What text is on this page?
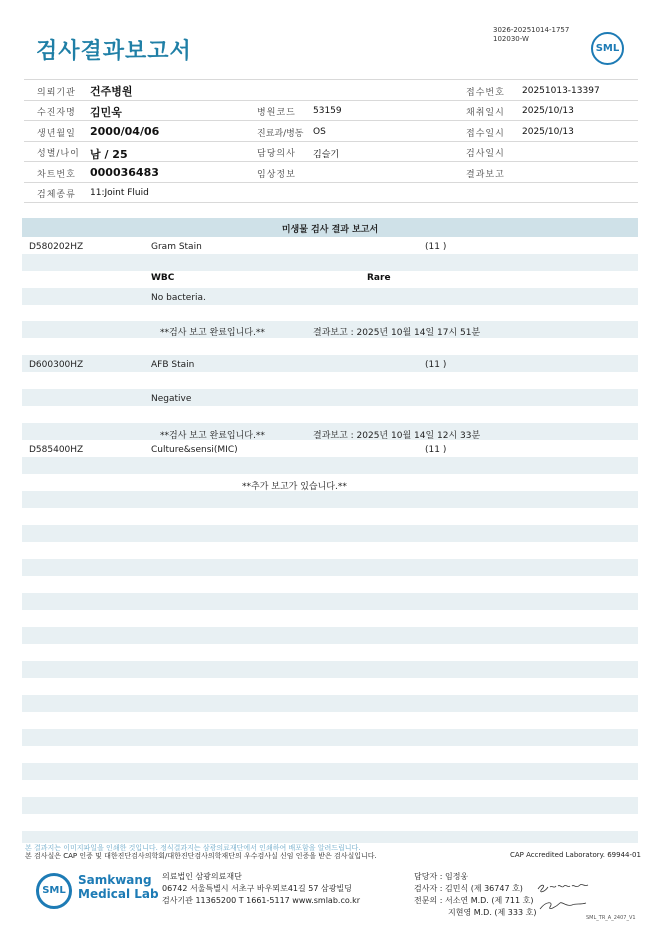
검사결과보고서
3026-20251014-1757
102030-W
SML
의뢰기관 건주병원	접수번호 20251013-13397
수진자명 김민욱	병원코드 53159	채취일시 2025/10/13
생년월일 2000/04/06	진료과/병동 OS	접수일시 2025/10/13
성별/나이 남 / 25	담당의사 김슬기	검사일시
차트번호 000036483	임상정보	결과보고
검체종류 11:Joint Fluid
미생물 검사 결과 보고서
D580202HZ	Gram Stain	(11 )
WBC	Rare
No bacteria.
**검사 보고 완료입니다.**	결과보고 : 2025년 10월 14일 17시 51분
D600300HZ	AFB Stain	(11 )
Negative
**검사 보고 완료입니다.**	결과보고 : 2025년 10월 14일 12시 33분
D585400HZ	Culture&sensi(MIC)	(11 )
**추가 보고가 있습니다.**
본 결과지는 이미지파일을 인쇄한 것입니다. 정식결과지는 삼광의료재단에서 인쇄하여 배포함을 알려드립니다.
본 검사실은 CAP 인증 및 대한진단검사의학회/대한진단검사의학재단의 우수검사실 신임 인증을 받은 검사실입니다.	CAP Accredited Laboratory. 69944-01
SML
Samkwang
Medical Lab
의료법인 삼광의료재단
06742 서울특별시 서초구 바우뫼로41길 57 삼광빌딩
검사기관 11365200 T 1661-5117 www.smlab.co.kr
담당자 : 임정웅
검사자 : 김민식 (제 36747 호)
전문의 : 서소연 M.D. (제 711 호)
지현영 M.D. (제 333 호)
SML_TR_A_2407_V1
